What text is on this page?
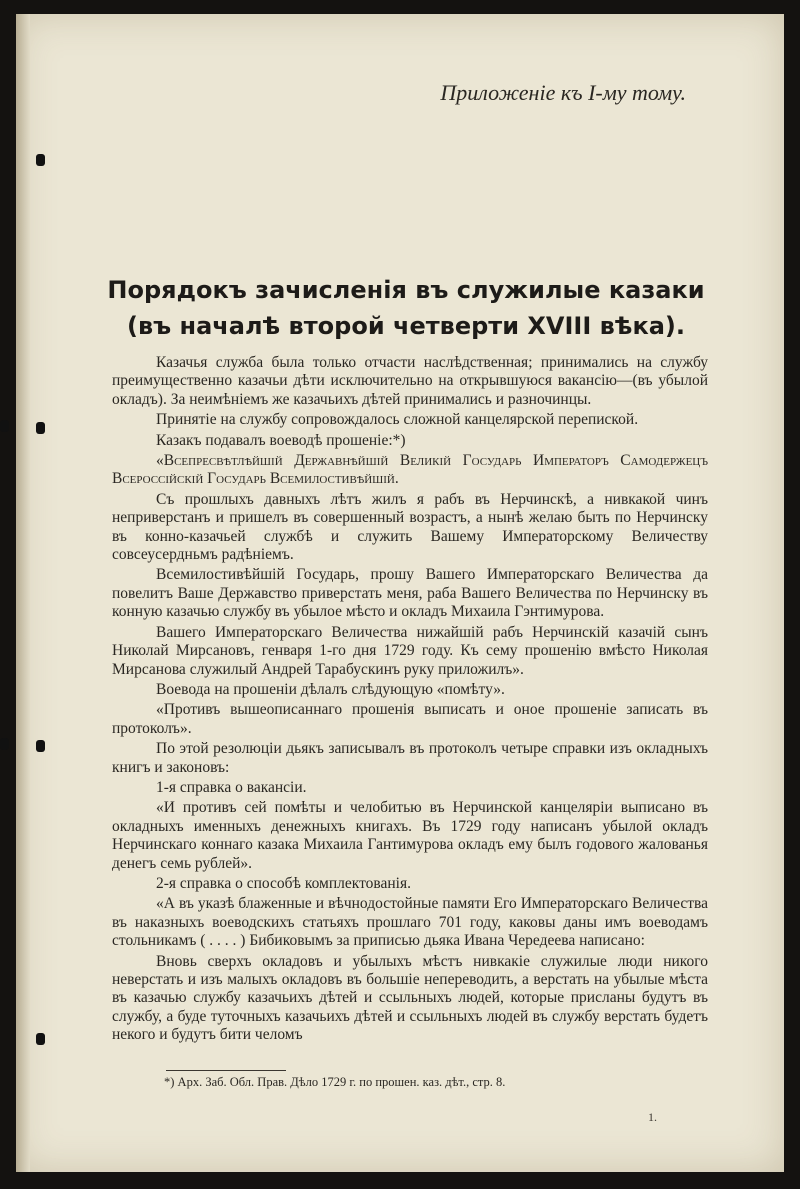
Приложеніе къ І-му тому.
Порядокъ зачисленія въ служилые казаки (въ началѣ второй четверти XVIII вѣка).

Казачья служба была только отчасти наслѣдственная; принимались на службу преимущественно казачьи дѣти исключительно на открывшуюся вакансію—(въ убылой окладъ). За неимѣніемъ же казачьихъ дѣтей принимались и разночинцы.

Принятіе на службу сопровождалось сложной канцелярской перепиской.

Казакъ подавалъ воеводѣ прошеніе:*)

«Всепресвѣтлѣйшій Державнѣйшій Великій Государь Императоръ Самодержецъ Всероссійскій Государь Всемилостивѣйшій.

Съ прошлыхъ давныхъ лѣтъ жилъ я рабъ въ Нерчинскѣ, а нивкакой чинъ неприверстанъ и пришелъ въ совершенный возрастъ, а нынѣ желаю быть по Нерчинску въ конно-казачьей службѣ и служить Вашему Императорскому Величеству совсеусердньмъ радѣніемъ.

Всемилостивѣйшій Государь, прошу Вашего Императорскаго Величества да повелитъ Ваше Державство приверстать меня, раба Вашего Величества по Нерчинску въ конную казачью службу въ убылое мѣсто и окладъ Михаила Гэнтимурова.

Вашего Императорскаго Величества нижайшій рабъ Нерчинскій казачій сынъ Николай Мирсановъ, генваря 1-го дня 1729 году. Къ сему прошенію вмѣсто Николая Мирсанова служилый Андрей Тарабускинъ руку приложилъ».

Воевода на прошеніи дѣлалъ слѣдующую «помѣту».

«Противъ вышеописаннаго прошенія выписать и оное прошеніе записать въ протоколъ».

По этой резолюціи дьякъ записывалъ въ протоколъ четыре справки изъ окладныхъ книгъ и законовъ:

1-я справка о вакансіи.

«И противъ сей помѣты и челобитью въ Нерчинской канцеляріи выписано въ окладныхъ именныхъ денежныхъ книгахъ. Въ 1729 году написанъ убылой окладъ Нерчинскаго коннаго казака Михаила Гантимурова окладъ ему былъ годового жалованья денегъ семь рублей».

2-я справка о способѣ комплектованія.

«А въ указѣ блаженные и вѣчнодостойные памяти Его Императорскаго Величества въ наказныхъ воеводскихъ статьяхъ прошлаго 701 году, каковы даны имъ воеводамъ стольникамъ ( . . . . ) Бибиковымъ за приписью дьяка Ивана Чередеева написано:

Вновь сверхъ окладовъ и убылыхъ мѣстъ нивкакіе служилые люди никого неверстать и изъ малыхъ окладовъ въ большіе непереводить, а верстать на убылые мѣста въ казачью службу казачьихъ дѣтей и ссыльныхъ людей, которые присланы будутъ въ службу, а буде туточныхъ казачьихъ дѣтей и ссыльныхъ людей въ службу верстать будетъ некого и будутъ бити челомъ

*) Арх. Заб. Обл. Прав. Дѣло 1729 г. по прошен. каз. дѣт., стр. 8.
1.
